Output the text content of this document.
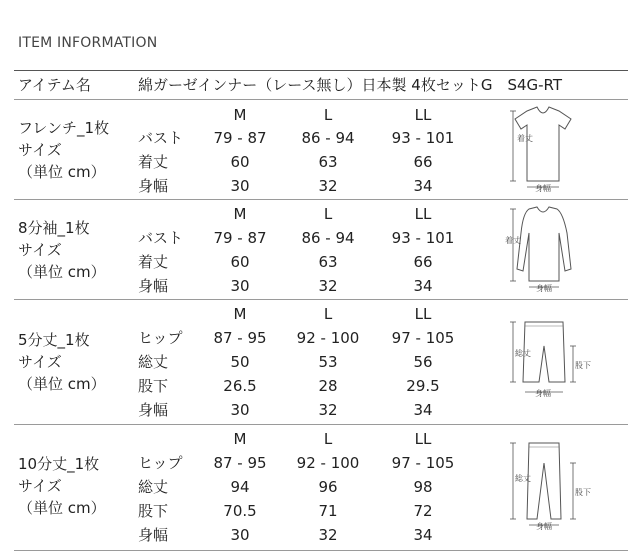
ITEM INFORMATION
アイテム名	綿ガーゼインナー（レース無し）日本製 4枚セットG　S4G-RT
フレンチ_1枚
サイズ
（単位 cm）
M	L	LL
バスト	79 - 87	86 - 94	93 - 101
着丈	60	63	66
身幅	30	32	34
着丈
身幅
8分袖_1枚
サイズ
（単位 cm）
M	L	LL
バスト	79 - 87	86 - 94	93 - 101
着丈	60	63	66
身幅	30	32	34
着丈
身幅
5分丈_1枚
サイズ
（単位 cm）
M	L	LL
ヒップ	87 - 95	92 - 100	97 - 105
総丈	50	53	56
股下	26.5	28	29.5
身幅	30	32	34
総丈
股下
身幅
10分丈_1枚
サイズ
（単位 cm）
M	L	LL
ヒップ	87 - 95	92 - 100	97 - 105
総丈	94	96	98
股下	70.5	71	72
身幅	30	32	34
総丈
股下
身幅
